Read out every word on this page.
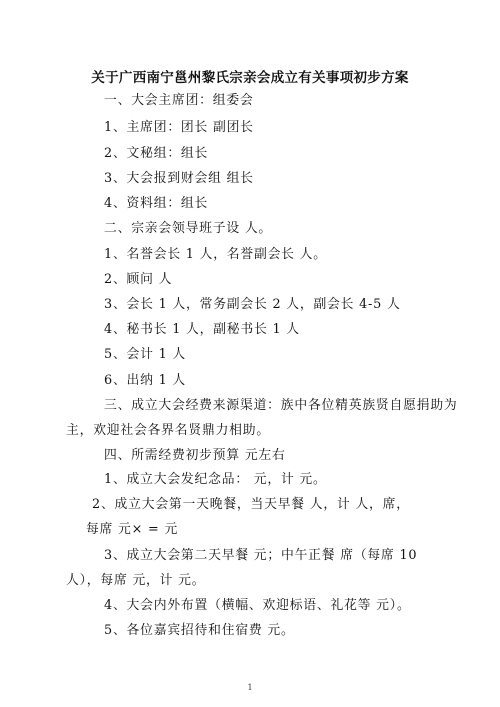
关于广西南宁邕州黎氏宗亲会成立有关事项初步方案
一、大会主席团：组委会
1、主席团：团长 副团长
2、文秘组：组长
3、大会报到财会组 组长
4、资料组：组长
二、宗亲会领导班子设 人。
1、名誉会长 1 人，名誉副会长 人。
2、顾问 人
3、会长 1 人，常务副会长 2 人，副会长 4-5 人
4、秘书长 1 人，副秘书长 1 人
5、会计 1 人
6、出纳 1 人
三、成立大会经费来源渠道：族中各位精英族贤自愿捐助为
主，欢迎社会各界名贤鼎力相助。
四、所需经费初步预算 元左右
1、成立大会发纪念品： 元，计 元。
2、成立大会第一天晚餐，当天早餐 人，计 人，席，
每席 元× = 元
3、成立大会第二天早餐 元；中午正餐 席（每席 10
人），每席 元，计 元。
4、大会内外布置（横幅、欢迎标语、礼花等 元）。
5、各位嘉宾招待和住宿费 元。
1
